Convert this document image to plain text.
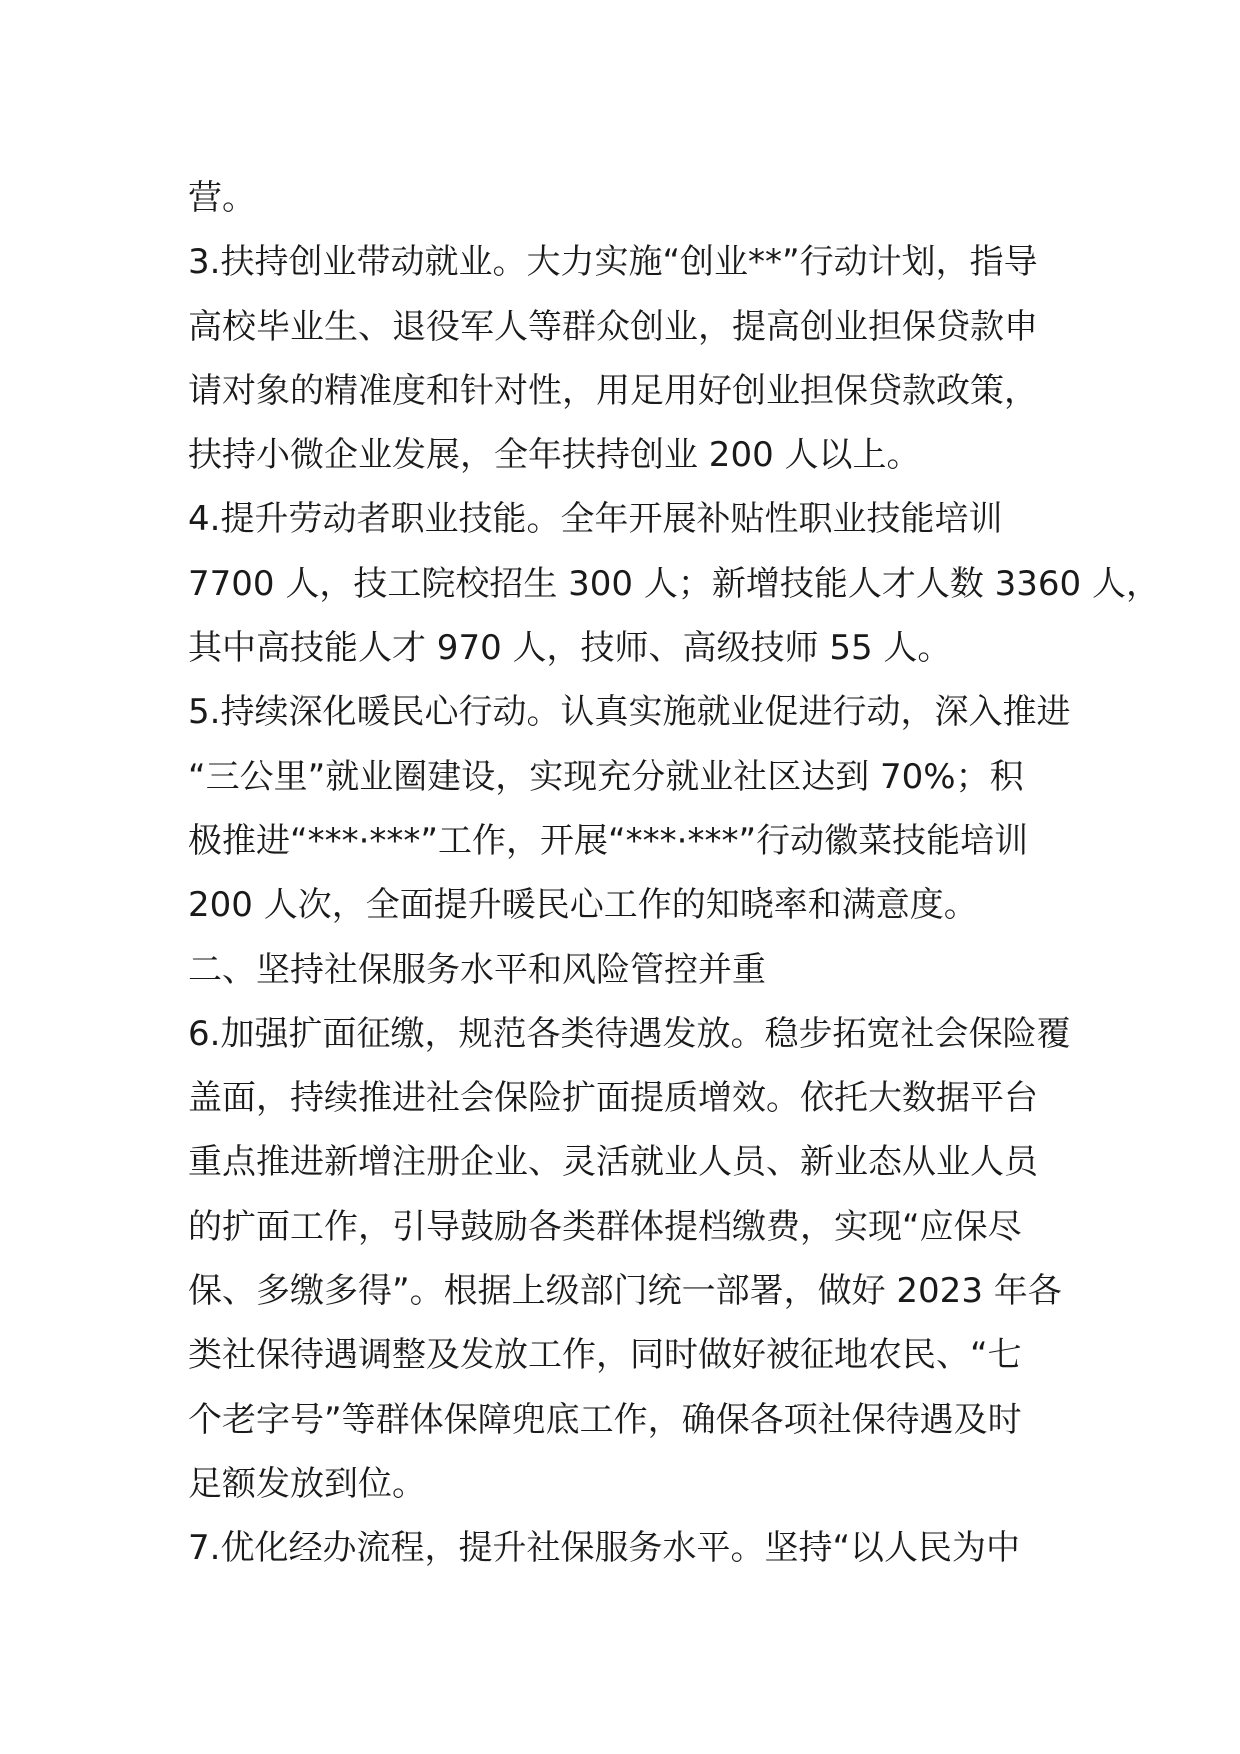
营。
3.扶持创业带动就业。大力实施“创业**”行动计划，指导
高校毕业生、退役军人等群众创业，提高创业担保贷款申
请对象的精准度和针对性，用足用好创业担保贷款政策，
扶持小微企业发展，全年扶持创业 200 人以上。
4.提升劳动者职业技能。全年开展补贴性职业技能培训
7700 人，技工院校招生 300 人；新增技能人才人数 3360 人，
其中高技能人才 970 人，技师、高级技师 55 人。
5.持续深化暖民心行动。认真实施就业促进行动，深入推进
“三公里”就业圈建设，实现充分就业社区达到 70%；积
极推进“***·***”工作，开展“***·***”行动徽菜技能培训
200 人次，全面提升暖民心工作的知晓率和满意度。
二、坚持社保服务水平和风险管控并重
6.加强扩面征缴，规范各类待遇发放。稳步拓宽社会保险覆
盖面，持续推进社会保险扩面提质增效。依托大数据平台
重点推进新增注册企业、灵活就业人员、新业态从业人员
的扩面工作，引导鼓励各类群体提档缴费，实现“应保尽
保、多缴多得”。根据上级部门统一部署，做好 2023 年各
类社保待遇调整及发放工作，同时做好被征地农民、“七
个老字号”等群体保障兜底工作，确保各项社保待遇及时
足额发放到位。
7.优化经办流程，提升社保服务水平。坚持“以人民为中
